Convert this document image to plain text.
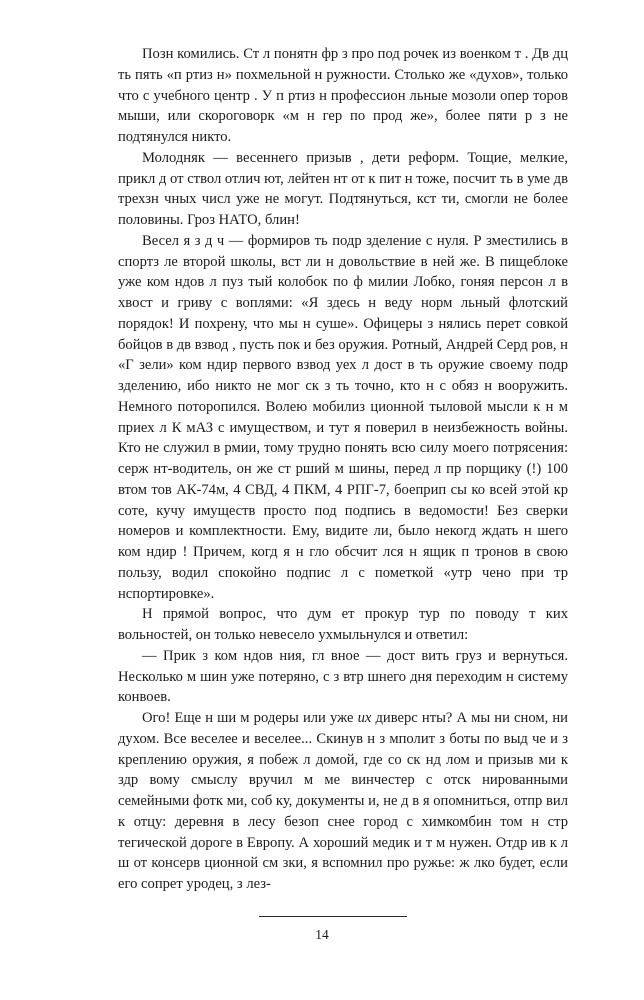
Позн комились. Ст л понятн фр з про под рочек из военком т . Дв дц ть пять «п ртиз н» похмельной н ружности. Столько же «духов», только что с учебного центр . У п ртиз н профессион льные мозоли опер торов мыши, или скороговорк «м н гер по прод же», более пяти р з не подтянулся никто.

Молодняк — весеннего призыв , дети реформ. Тощие, мелкие, прикл д от ствол отлич ют, лейтен нт от к пит н тоже, посчит ть в уме дв трехзн чных числ уже не могут. Подтянуться, кст ти, смогли не более половины. Гроз НАТО, блин!

Весел я з д ч — формиров ть подр зделение с нуля. Р зместились в спортз ле второй школы, вст ли н довольствие в ней же. В пищеблоке уже ком ндов л пуз тый колобок по ф милии Лобко, гоняя персон л в хвост и гриву с воплями: «Я здесь н веду норм льный флотский порядок! И похрену, что мы н суше». Офицеры з нялись перет совкой бойцов в дв взвод , пусть пок и без оружия. Ротный, Андрей Серд ров, н «Г зели» ком ндир первого взвод уех л дост в ть оружие своему подр зделению, ибо никто не мог ск з ть точно, кто н с обяз н вооружить. Немного поторопился. Волею мобилиз ционной тыловой мысли к н м приех л К мАЗ с имуществом, и тут я поверил в неизбежность войны. Кто не служил в рмии, тому трудно понять всю силу моего потрясения: серж нт-водитель, он же ст рший м шины, перед л пр порщику (!) 100 втом тов АК-74м, 4 СВД, 4 ПКМ, 4 РПГ-7, боеприп сы ко всей этой кр соте, кучу имуществ просто под подпись в ведомости! Без сверки номеров и комплектности. Ему, видите ли, было некогд ждать н шего ком ндир ! Причем, когд я н гло обсчит лся н ящик п тронов в свою пользу, водил спокойно подпис л с пометкой «утр чено при тр нспортировке».

Н прямой вопрос, что дум ет прокур тур по поводу т ких вольностей, он только невесело ухмыльнулся и ответил:

— Прик з ком ндов ния, гл вное — дост вить груз и вернуться. Несколько м шин уже потеряно, с з втр шнего дня переходим н систему конвоев.

Ого! Еще н ши м родеры или уже их диверс нты? А мы ни сном, ни духом. Все веселее и веселее... Скинув н з мполит з боты по выд че и з креплению оружия, я побеж л домой, где со ск нд лом и призыв ми к здр вому смыслу вручил м ме винчестер с отск нированными семейными фотк ми, соб ку, документы и, не д в я опомниться, отпр вил к отцу: деревня в лесу безоп снее город с химкомбин том н стр тегической дороге в Европу. А хороший медик и т м нужен. Отдр ив к л ш от консерв ционной см зки, я вспомнил про ружье: ж лко будет, если его сопрет уродец, з лез-

14
